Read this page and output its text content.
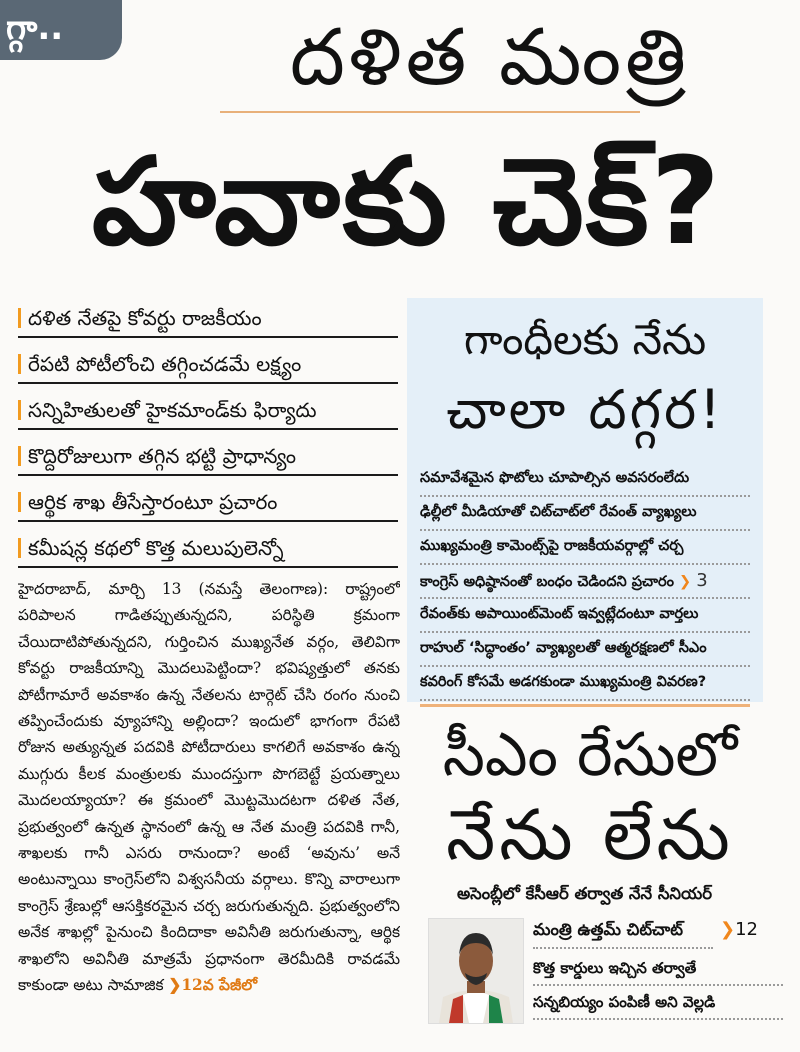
గ్గా..	దళిత మంత్రి
హవాకు చెక్?
దళిత నేతపై కోవర్టు రాజకీయం
రేపటి పోటీలోంచి తగ్గించడమే లక్ష్యం
సన్నిహితులతో హైకమాండ్‌కు ఫిర్యాదు
కొద్దిరోజులుగా తగ్గిన భట్టి ప్రాధాన్యం
ఆర్థిక శాఖ తీసేస్తారంటూ ప్రచారం
కమీషన్ల కథలో కొత్త మలుపులెన్నో
హైదరాబాద్, మార్చి 13 (నమస్తే తెలంగాణ): రాష్ట్రంలో పరిపాలన గాడితప్పుతున్నదని, పరిస్థితి క్రమంగా చేయిదాటిపోతున్నదని, గుర్తించిన ముఖ్యనేత వర్గం, తెలివిగా కోవర్టు రాజకీయాన్ని మొదలుపెట్టిందా? భవిష్యత్తులో తనకు పోటీగామారే అవకాశం ఉన్న నేతలను టార్గెట్ చేసి రంగం నుంచి తప్పించేందుకు వ్యూహాన్ని అల్లిందా? ఇందులో భాగంగా రేపటి రోజున అత్యున్నత పదవికి పోటీదారులు కాగలిగే అవకాశం ఉన్న ముగ్గురు కీలక మంత్రులకు ముందస్తుగా పొగబెట్టే ప్రయత్నాలు మొదలయ్యాయా? ఈ క్రమంలో మొట్టమొదటగా దళిత నేత, ప్రభుత్వంలో ఉన్నత స్థానంలో ఉన్న ఆ నేత మంత్రి పదవికి గానీ, శాఖలకు గానీ ఎసరు రానుందా? అంటే ‘అవును’ అనే అంటున్నాయి కాంగ్రెస్‌లోని విశ్వసనీయ వర్గాలు. కొన్ని వారాలుగా కాంగ్రెస్ శ్రేణుల్లో ఆసక్తికరమైన చర్చ జరుగుతున్నది. ప్రభుత్వంలోని అనేక శాఖల్లో పైనుంచి కిందిదాకా అవినీతి జరుగుతున్నా, ఆర్థిక శాఖలోని అవినీతి మాత్రమే ప్రధానంగా తెరమీదికి రావడమే కాకుండా అటు సామాజిక ❯12వ పేజీలో
గాంధీలకు నేను
చాలా దగ్గర!
సమావేశమైన ఫొటోలు చూపాల్సిన అవసరంలేదు
ఢిల్లీలో మీడియాతో చిట్‌చాట్‌లో రేవంత్ వ్యాఖ్యలు
ముఖ్యమంత్రి కామెంట్స్‌పై రాజకీయవర్గాల్లో చర్చ
కాంగ్రెస్ అధిష్ఠానంతో బంధం చెడిందని ప్రచారం ❯ 3
రేవంత్‌కు అపాయింట్‌మెంట్ ఇవ్వట్లేదంటూ వార్తలు
రాహుల్ ‘సిద్ధాంతం’ వ్యాఖ్యలతో ఆత్మరక్షణలో సీఎం
కవరింగ్ కోసమే అడగకుండా ముఖ్యమంత్రి వివరణ?
సీఎం రేసులో
నేను లేను
అసెంబ్లీలో కేసీఆర్ తర్వాత నేనే సీనియర్
మంత్రి ఉత్తమ్ చిట్‌చాట్	❯12
కొత్త కార్డులు ఇచ్చిన తర్వాతే
సన్నబియ్యం పంపిణీ అని వెల్లడి
